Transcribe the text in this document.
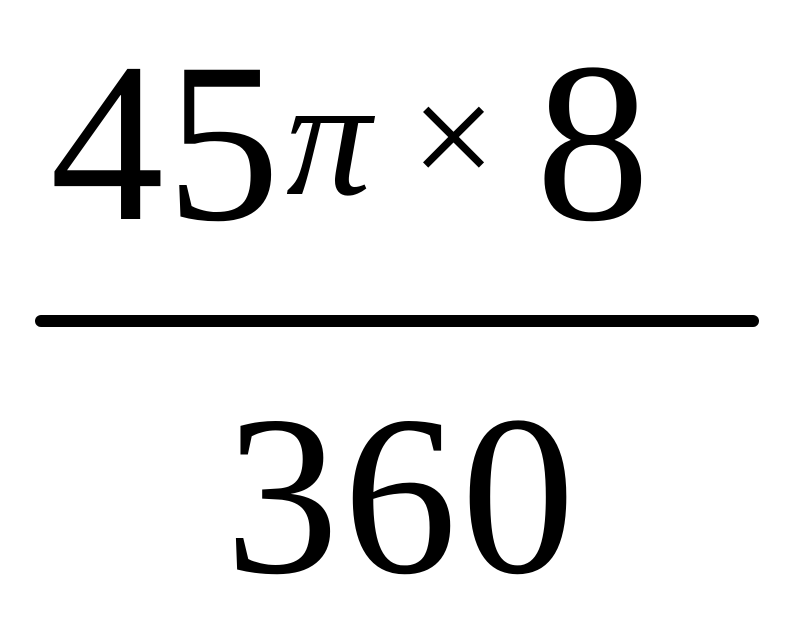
45 π × 8
360
